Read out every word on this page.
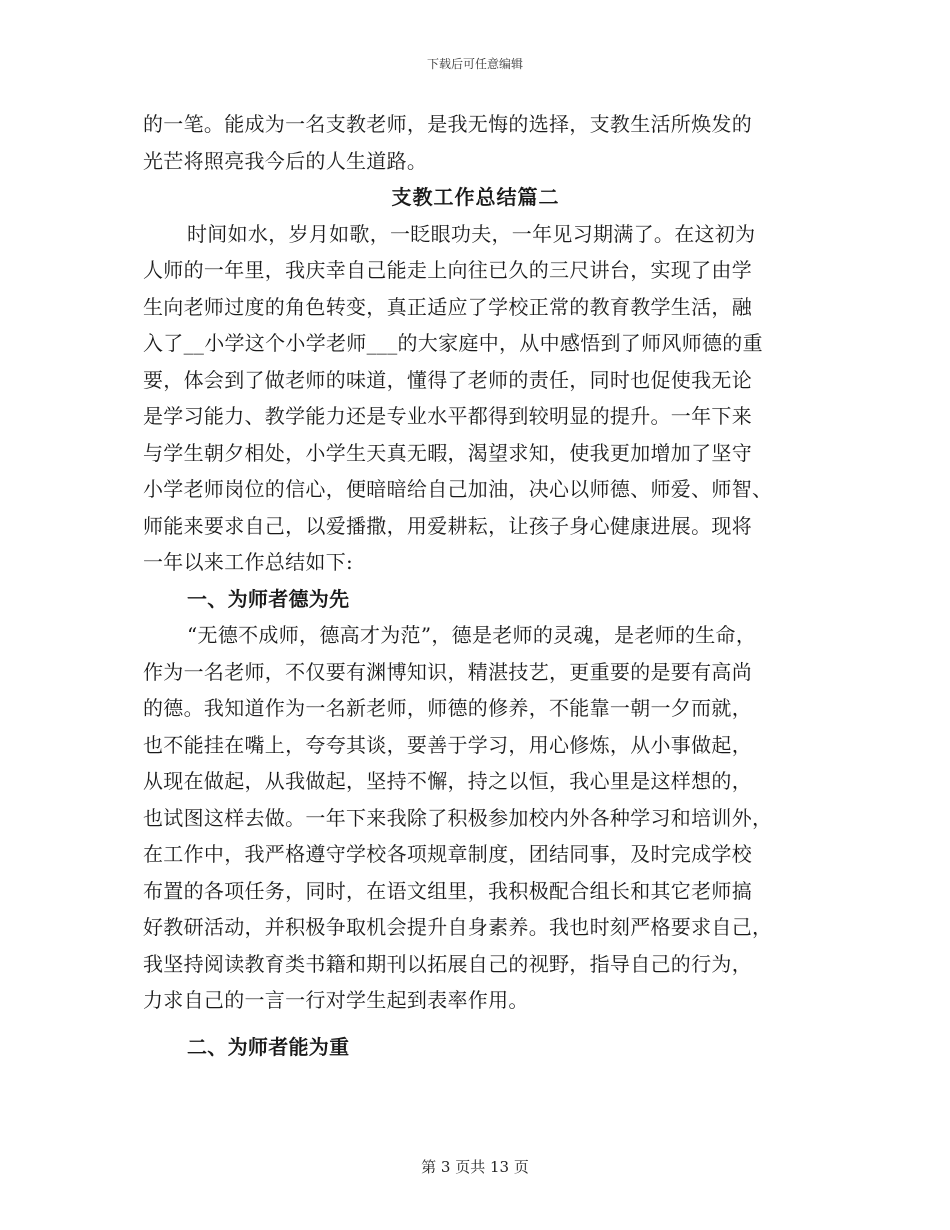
下载后可任意编辑
的一笔。能成为一名支教老师，是我无悔的选择，支教生活所焕发的
光芒将照亮我今后的人生道路。
支教工作总结篇二
时间如水，岁月如歌，一眨眼功夫，一年见习期满了。在这初为
人师的一年里，我庆幸自己能走上向往已久的三尺讲台，实现了由学
生向老师过度的角色转变，真正适应了学校正常的教育教学生活，融
入了__小学这个小学老师___的大家庭中，从中感悟到了师风师德的重
要，体会到了做老师的味道，懂得了老师的责任，同时也促使我无论
是学习能力、教学能力还是专业水平都得到较明显的提升。一年下来
与学生朝夕相处，小学生天真无暇，渴望求知，使我更加增加了坚守
小学老师岗位的信心，便暗暗给自己加油，决心以师德、师爱、师智、
师能来要求自己，以爱播撒，用爱耕耘，让孩子身心健康进展。现将
一年以来工作总结如下:
一、为师者德为先
“无德不成师，德高才为范”，德是老师的灵魂，是老师的生命，
作为一名老师，不仅要有渊博知识，精湛技艺，更重要的是要有高尚
的德。我知道作为一名新老师，师德的修养，不能靠一朝一夕而就，
也不能挂在嘴上，夸夸其谈，要善于学习，用心修炼，从小事做起，
从现在做起，从我做起，坚持不懈，持之以恒，我心里是这样想的，
也试图这样去做。一年下来我除了积极参加校内外各种学习和培训外，
在工作中，我严格遵守学校各项规章制度，团结同事，及时完成学校
布置的各项任务，同时，在语文组里，我积极配合组长和其它老师搞
好教研活动，并积极争取机会提升自身素养。我也时刻严格要求自己，
我坚持阅读教育类书籍和期刊以拓展自己的视野，指导自己的行为，
力求自己的一言一行对学生起到表率作用。
二、为师者能为重
第 3 页共 13 页
